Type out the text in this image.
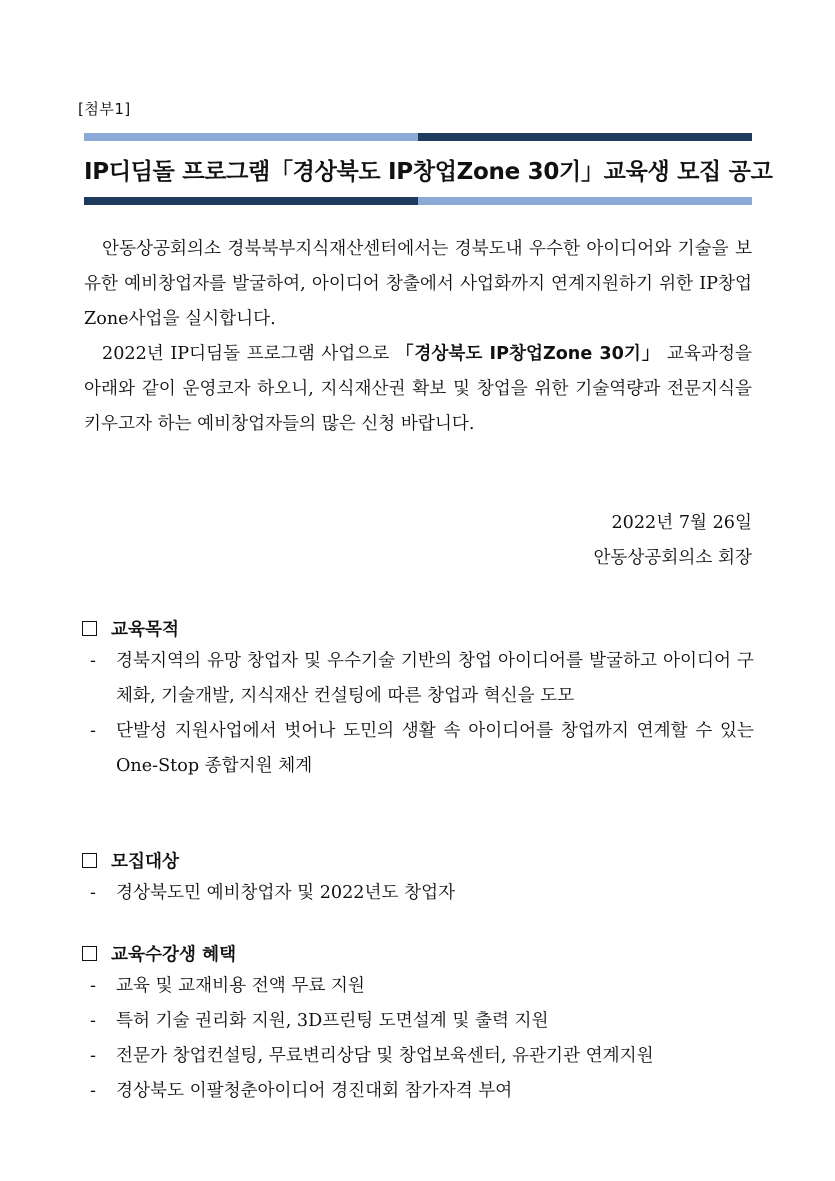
[첨부1]
IP디딤돌 프로그램「경상북도 IP창업Zone 30기」교육생 모집 공고

안동상공회의소 경북북부지식재산센터에서는 경북도내 우수한 아이디어와 기술을 보유한 예비창업자를 발굴하여, 아이디어 창출에서 사업화까지 연계지원하기 위한 IP창업Zone사업을 실시합니다.

2022년 IP디딤돌 프로그램 사업으로 「경상북도 IP창업Zone 30기」 교육과정을 아래와 같이 운영코자 하오니, 지식재산권 확보 및 창업을 위한 기술역량과 전문지식을 키우고자 하는 예비창업자들의 많은 신청 바랍니다.

2022년 7월 26일
안동상공회의소 회장
교육목적
- 경북지역의 유망 창업자 및 우수기술 기반의 창업 아이디어를 발굴하고 아이디어 구체화, 기술개발, 지식재산 컨설팅에 따른 창업과 혁신을 도모
- 단발성 지원사업에서 벗어나 도민의 생활 속 아이디어를 창업까지 연계할 수 있는 One-Stop 종합지원 체계
모집대상
- 경상북도민 예비창업자 및 2022년도 창업자
교육수강생 혜택
- 교육 및 교재비용 전액 무료 지원
- 특허 기술 권리화 지원, 3D프린팅 도면설계 및 출력 지원
- 전문가 창업컨설팅, 무료변리상담 및 창업보육센터, 유관기관 연계지원
- 경상북도 이팔청춘아이디어 경진대회 참가자격 부여
